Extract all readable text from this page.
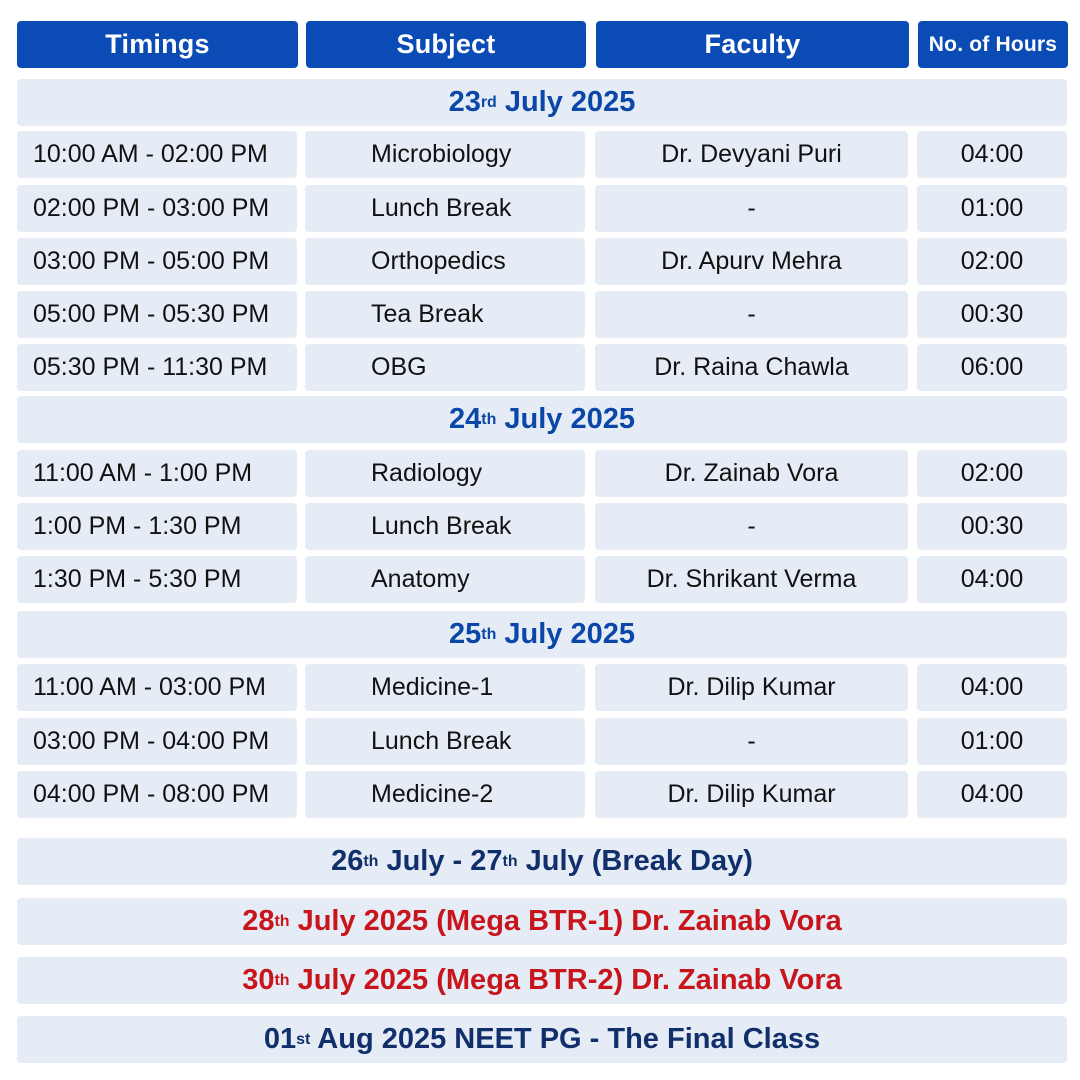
Timings	Subject	Faculty	No. of Hours
23 rd July 2025
10:00 AM - 02:00 PM	Microbiology	Dr. Devyani Puri	04:00
02:00 PM - 03:00 PM	Lunch Break	-	01:00
03:00 PM - 05:00 PM	Orthopedics	Dr. Apurv Mehra	02:00
05:00 PM - 05:30 PM	Tea Break	-	00:30
05:30 PM - 11:30 PM	OBG	Dr. Raina Chawla	06:00
24 th July 2025
11:00 AM - 1:00 PM	Radiology	Dr. Zainab Vora	02:00
1:00 PM - 1:30 PM	Lunch Break	-	00:30
1:30 PM - 5:30 PM	Anatomy	Dr. Shrikant Verma	04:00
25 th July 2025
11:00 AM - 03:00 PM	Medicine-1	Dr. Dilip Kumar	04:00
03:00 PM - 04:00 PM	Lunch Break	-	01:00
04:00 PM - 08:00 PM	Medicine-2	Dr. Dilip Kumar	04:00
26 th July - 27 th July (Break Day)
28 th July 2025 (Mega BTR-1) Dr. Zainab Vora
30 th July 2025 (Mega BTR-2) Dr. Zainab Vora
01 st Aug 2025 NEET PG - The Final Class
